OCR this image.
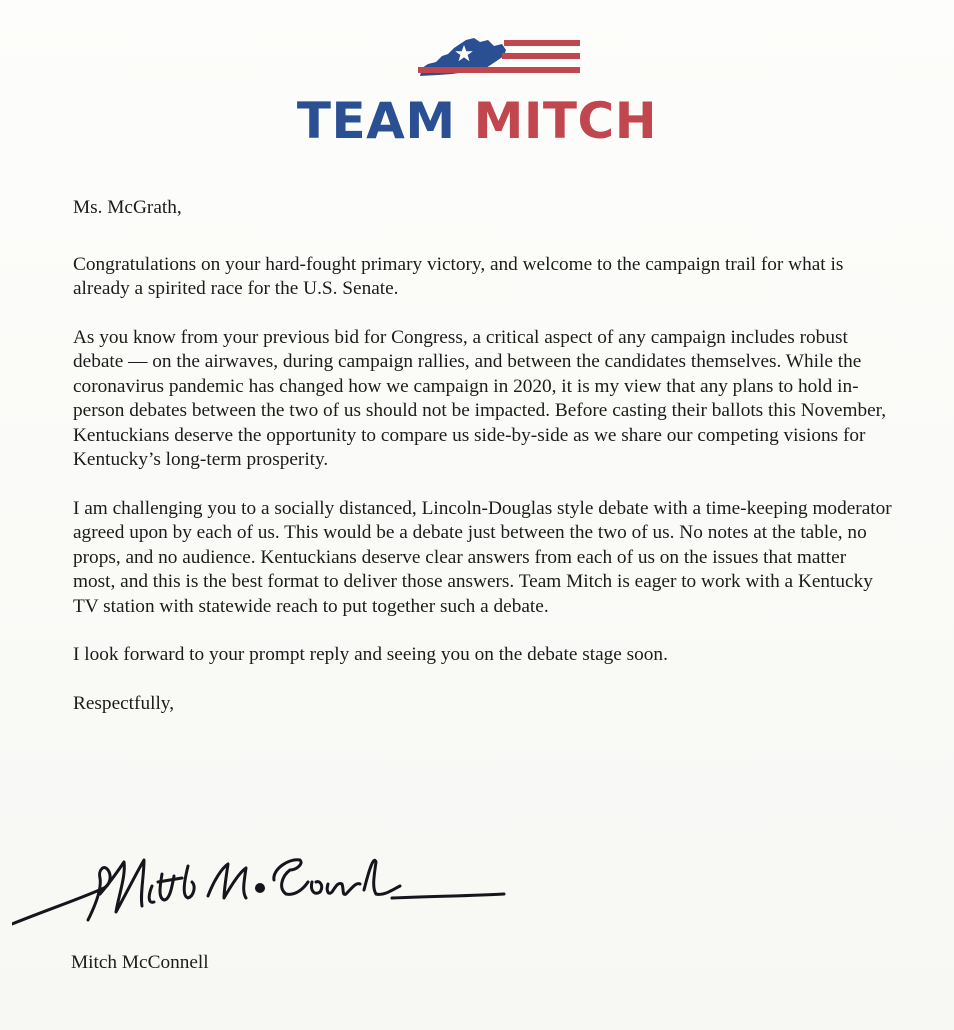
TEAM MITCH

Ms. McGrath,

Congratulations on your hard-fought primary victory, and welcome to the campaign trail for what is already a spirited race for the U.S. Senate.

As you know from your previous bid for Congress, a critical aspect of any campaign includes robust debate — on the airwaves, during campaign rallies, and between the candidates themselves. While the coronavirus pandemic has changed how we campaign in 2020, it is my view that any plans to hold in-person debates between the two of us should not be impacted. Before casting their ballots this November, Kentuckians deserve the opportunity to compare us side-by-side as we share our competing visions for Kentucky’s long-term prosperity.

I am challenging you to a socially distanced, Lincoln-Douglas style debate with a time-keeping moderator agreed upon by each of us. This would be a debate just between the two of us. No notes at the table, no props, and no audience. Kentuckians deserve clear answers from each of us on the issues that matter most, and this is the best format to deliver those answers. Team Mitch is eager to work with a Kentucky TV station with statewide reach to put together such a debate.

I look forward to your prompt reply and seeing you on the debate stage soon.

Respectfully,

Mitch McConnell
